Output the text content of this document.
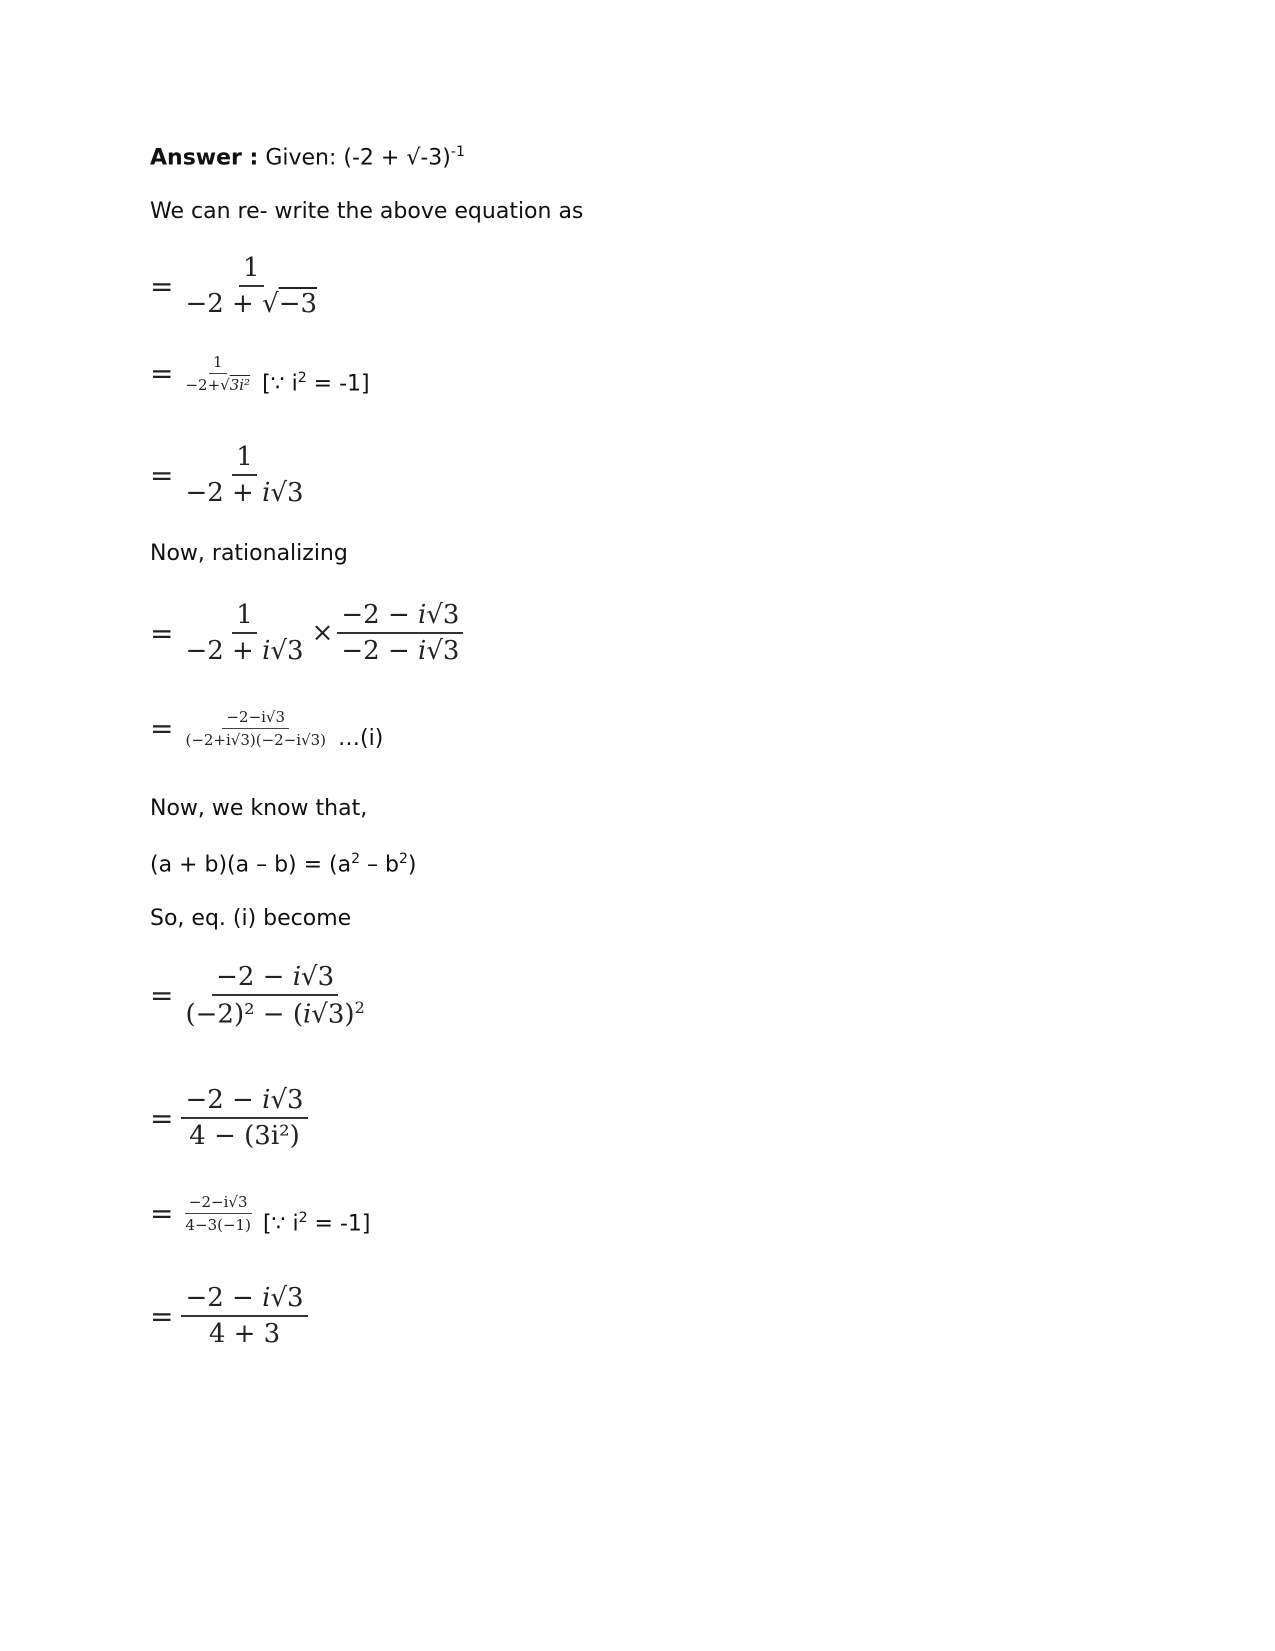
Answer : Given: $(-2 + √-3)^{-1}$
We can re- write the above equation as
= $\frac{1}{-2 + √-3}$
= $\frac{1}{\text{−2+√3i²}}$ [∵ $i^2 = -1$]
= $\frac{1}{-2 + i√3}$
Now, rationalizing
= $\frac{1}{-2 + i√3} \times \frac{-2 - i√3}{-2 - i√3}$
= $\frac{-2-i√3}{(-2+i√3)(-2-i√3)}$ …(i)
Now, we know that,
$(a + b)(a - b) = (a^2 - b^2)$
So, eq. (i) become
= $\frac{-2 - i√3}{(-2)^2 - (i√3)^2}$
= $\frac{-2 - i√3}{\text{4 − (3i²)}}$
= $\frac{-2-i√3}{4-3(-1)}$ [∵ $i^2 = -1$]
= $\frac{-2 - i√3}{4 + 3}$
